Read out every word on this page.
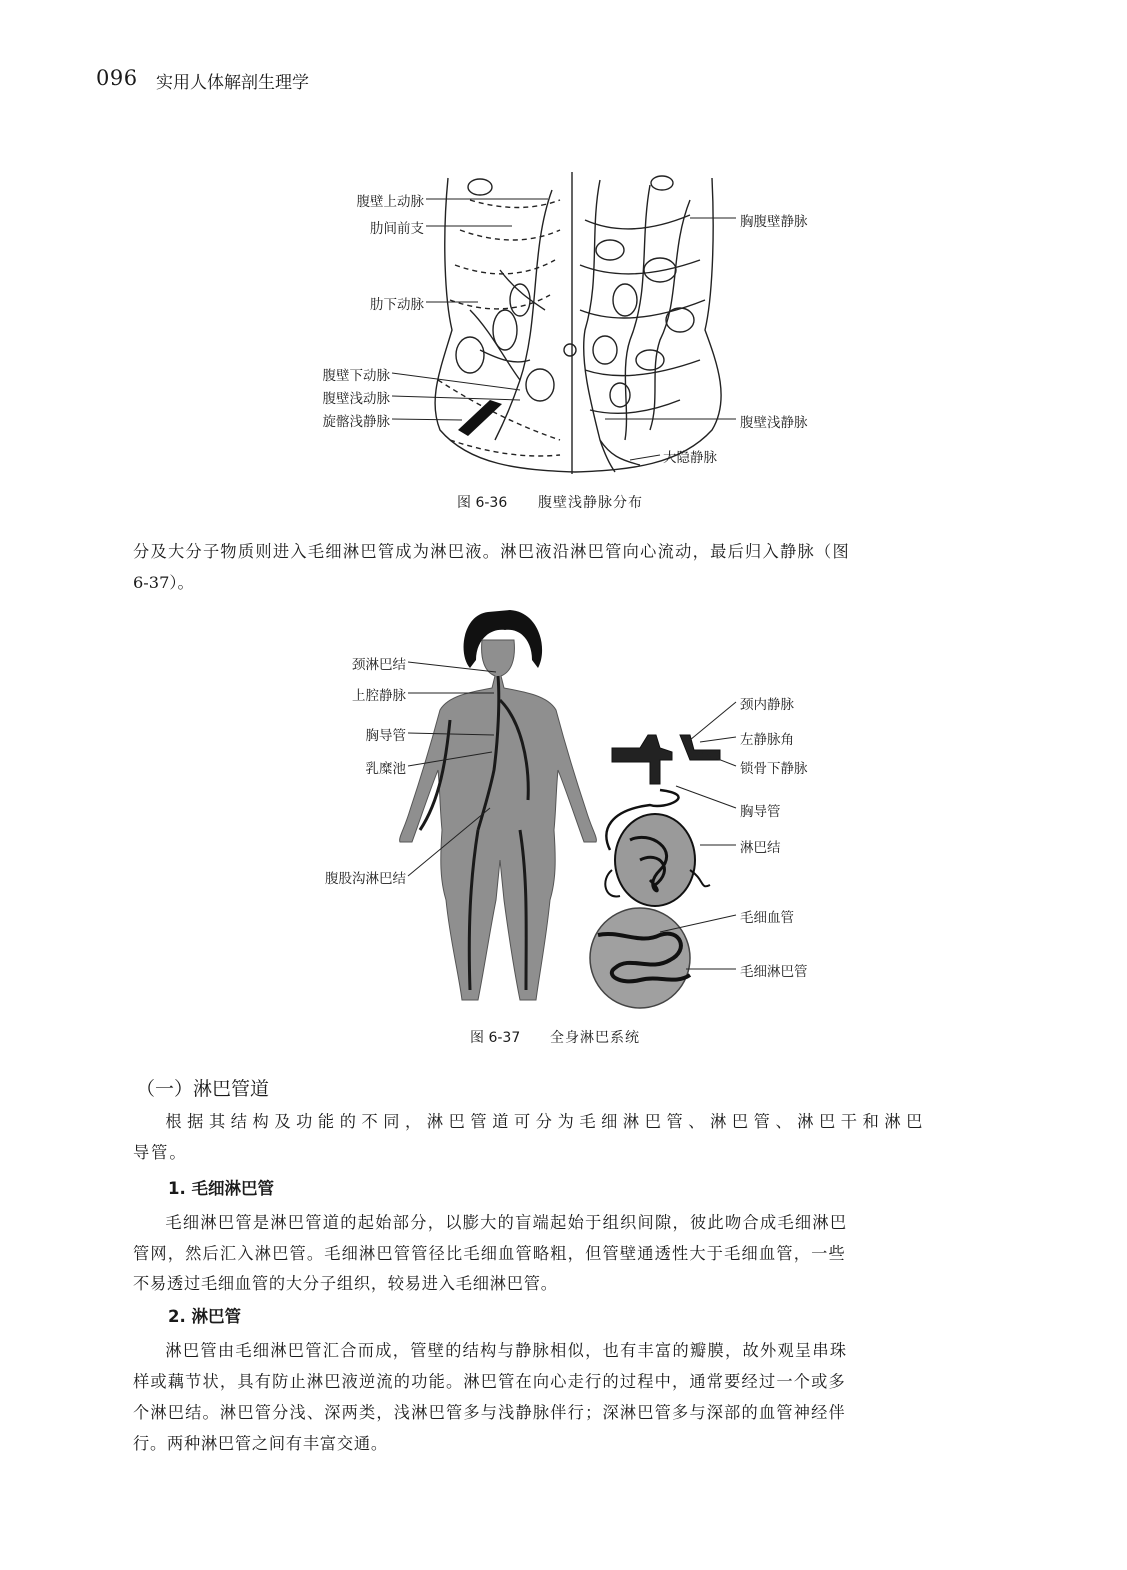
096 实用人体解剖生理学
腹壁上动脉
肋间前支
肋下动脉
腹壁下动脉
腹壁浅动脉
旋髂浅静脉
胸腹壁静脉
腹壁浅静脉
大隐静脉
图 6-36 腹壁浅静脉分布
分及大分子物质则进入毛细淋巴管成为淋巴液。淋巴液沿淋巴管向心流动，最后归入静脉（图
6-37）。
颈淋巴结
上腔静脉
胸导管
乳糜池
腹股沟淋巴结
颈内静脉
左静脉角
锁骨下静脉
胸导管
淋巴结
毛细血管
毛细淋巴管
图 6-37 全身淋巴系统
（一）淋巴管道
根据其结构及功能的不同，淋巴管道可分为毛细淋巴管、淋巴管、淋巴干和淋巴
导管。
1. 毛细淋巴管
毛细淋巴管是淋巴管道的起始部分，以膨大的盲端起始于组织间隙，彼此吻合成毛细淋巴
管网，然后汇入淋巴管。毛细淋巴管管径比毛细血管略粗，但管壁通透性大于毛细血管，一些
不易透过毛细血管的大分子组织，较易进入毛细淋巴管。
2. 淋巴管
淋巴管由毛细淋巴管汇合而成，管壁的结构与静脉相似，也有丰富的瓣膜，故外观呈串珠
样或藕节状，具有防止淋巴液逆流的功能。淋巴管在向心走行的过程中，通常要经过一个或多
个淋巴结。淋巴管分浅、深两类，浅淋巴管多与浅静脉伴行；深淋巴管多与深部的血管神经伴
行。两种淋巴管之间有丰富交通。
